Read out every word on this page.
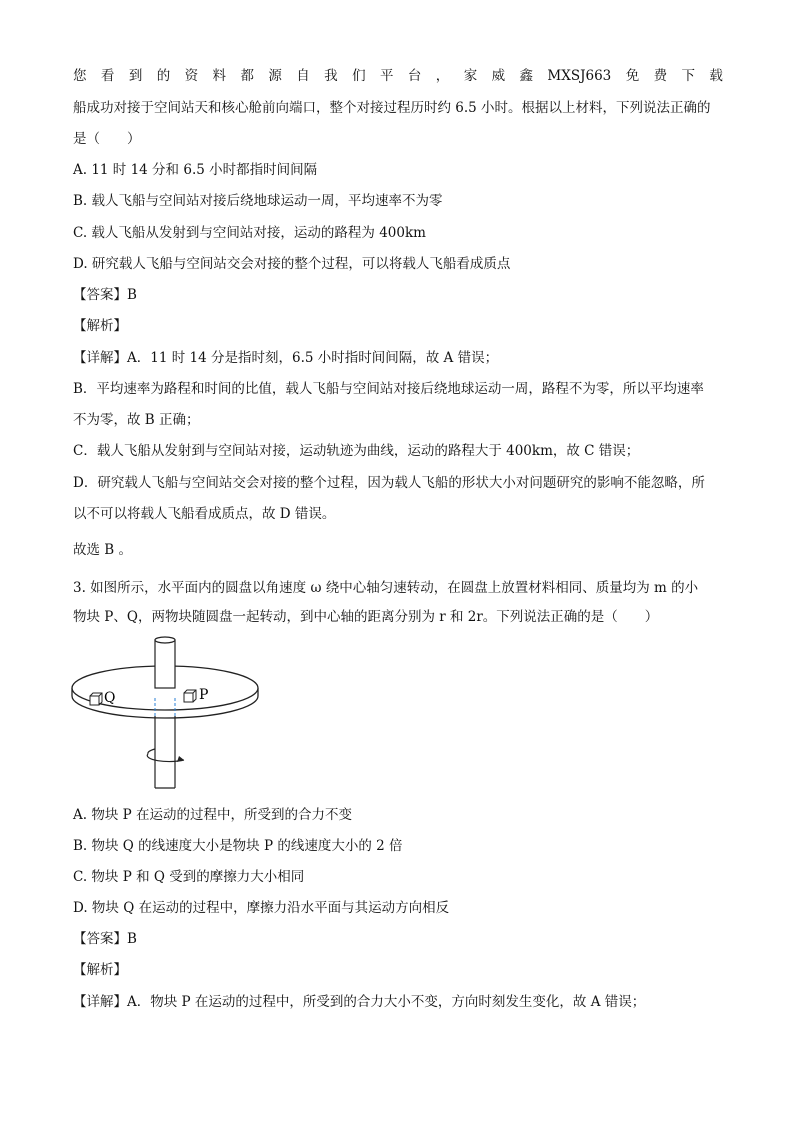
您 看 到 的 资 料 都 源 自 我 们 平 台 ， 家 威 鑫 MXSJ663 免 费 下 载
船成功对接于空间站天和核心舱前向端口，整个对接过程历时约 6.5 小时。根据以上材料，下列说法正确的
是（　　）
A. 11 时 14 分和 6.5 小时都指时间间隔
B. 载人飞船与空间站对接后绕地球运动一周，平均速率不为零
C. 载人飞船从发射到与空间站对接，运动的路程为 400km
D. 研究载人飞船与空间站交会对接的整个过程，可以将载人飞船看成质点
【答案】B
【解析】
【详解】A．11 时 14 分是指时刻，6.5 小时指时间间隔，故 A 错误；
B．平均速率为路程和时间的比值，载人飞船与空间站对接后绕地球运动一周，路程不为零，所以平均速率
不为零，故 B 正确；
C．载人飞船从发射到与空间站对接，运动轨迹为曲线，运动的路程大于 400km，故 C 错误；
D．研究载人飞船与空间站交会对接的整个过程，因为载人飞船的形状大小对问题研究的影响不能忽略，所
以不可以将载人飞船看成质点，故 D 错误。
故选 B 。
3. 如图所示，水平面内的圆盘以角速度 ω 绕中心轴匀速转动，在圆盘上放置材料相同、质量均为 m 的小
物块 P、Q，两物块随圆盘一起转动，到中心轴的距离分别为 r 和 2r。下列说法正确的是（　　）
Q	P
A. 物块 P 在运动的过程中，所受到的合力不变
B. 物块 Q 的线速度大小是物块 P 的线速度大小的 2 倍
C. 物块 P 和 Q 受到的摩擦力大小相同
D. 物块 Q 在运动的过程中，摩擦力沿水平面与其运动方向相反
【答案】B
【解析】
【详解】A．物块 P 在运动的过程中，所受到的合力大小不变，方向时刻发生变化，故 A 错误；
